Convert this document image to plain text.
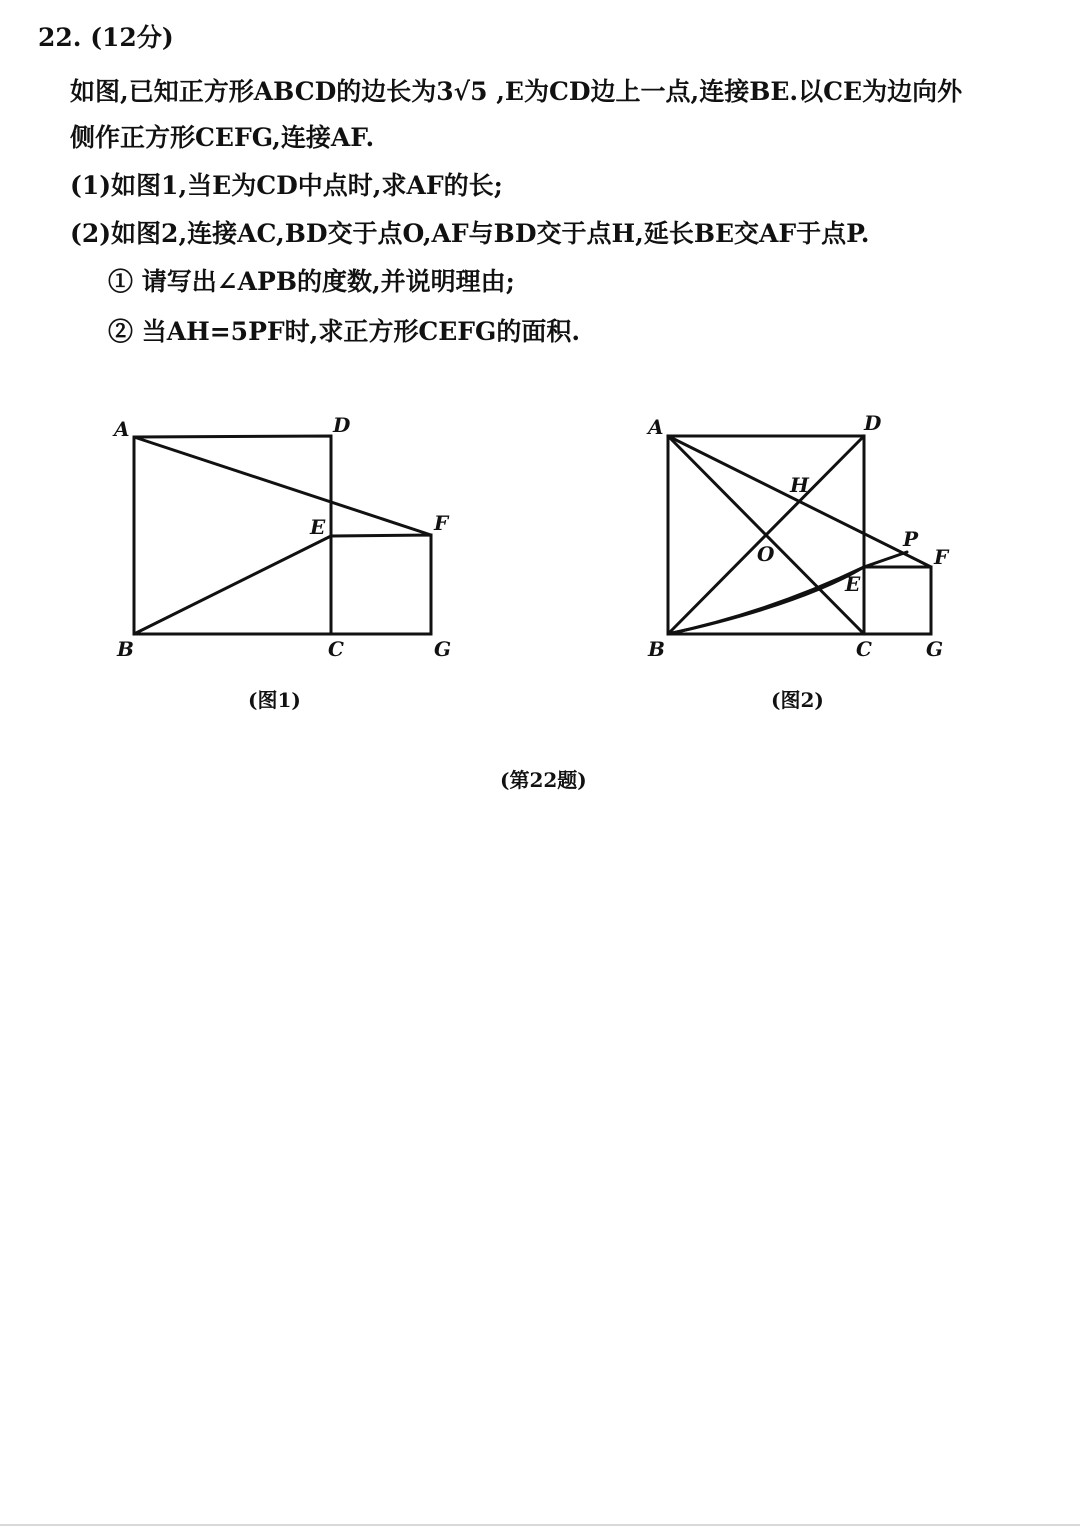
22. (12分)
如图,已知正方形ABCD的边长为3√5 ,E为CD边上一点,连接BE.以CE为边向外
侧作正方形CEFG,连接AF.
(1)如图1,当E为CD中点时,求AF的长;
(2)如图2,连接AC,BD交于点O,AF与BD交于点H,延长BE交AF于点P.
① 请写出∠APB的度数,并说明理由;
② 当AH=5PF时,求正方形CEFG的面积.
A	D
E	F
B	C	G
A	D
H
O
P
F
E
B	C	G
(图1)	(图2)
(第22题)
